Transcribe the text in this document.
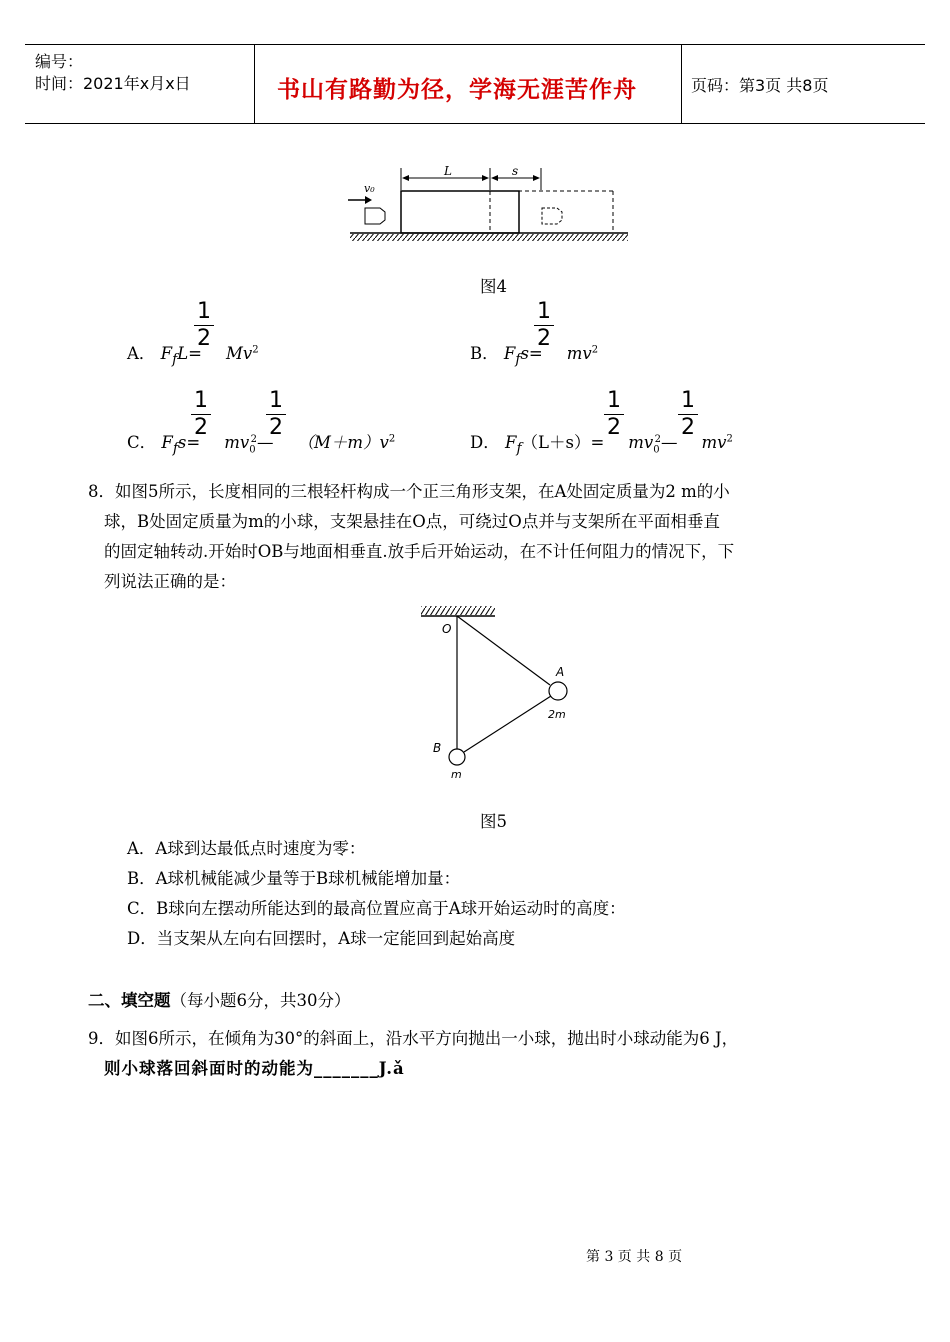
编号：
时间：2021年x月x日	书山有路勤为径，学海无涯苦作舟	页码：第3页 共8页
L	s
v₀
图4
A． $F_fL= Mv^2$
1
2
B． $F_fs= mv^2$
1
2
C． $F_fs=$ $mv_0^2—$ $(M+m)v^2$
1
2
1
2
D． $F_f(L+s)=$ $mv_0^2—$ $mv^2$
1
2
1
2
8．如图5所示，长度相同的三根轻杆构成一个正三角形支架，在A处固定质量为2 m的小
球，B处固定质量为m的小球，支架悬挂在O点，可绕过O点并与支架所在平面相垂直
的固定轴转动.开始时OB与地面相垂直.放手后开始运动，在不计任何阻力的情况下，下
列说法正确的是：
O
A
B
2m
m
图5
A．A球到达最低点时速度为零：
B．A球机械能减少量等于B球机械能增加量：
C．B球向左摆动所能达到的最高位置应高于A球开始运动时的高度：
D．当支架从左向右回摆时，A球一定能回到起始高度
二、填空题（每小题6分，共30分）
9．如图6所示，在倾角为30°的斜面上，沿水平方向抛出一小球，抛出时小球动能为6 J，
则小球落回斜面时的动能为_______J.ǎ
第 3 页 共 8 页
